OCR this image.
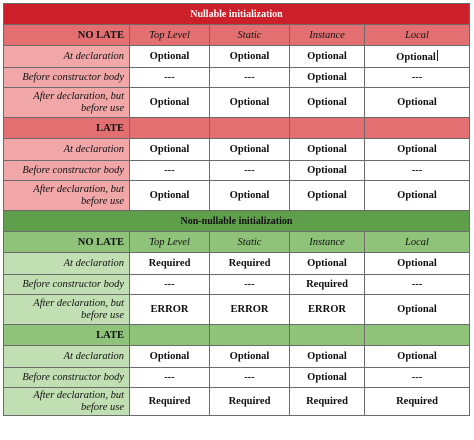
Nullable initialization				
NO LATE	Top Level	Static	Instance	Local
At declaration	Optional	Optional	Optional	Optional
Before constructor body	---	---	Optional	---
After declaration, but before use	Optional	Optional	Optional	Optional
LATE				
At declaration	Optional	Optional	Optional	Optional
Before constructor body	---	---	Optional	---
After declaration, but before use	Optional	Optional	Optional	Optional
Non-nullable initialization				
NO LATE	Top Level	Static	Instance	Local
At declaration	Required	Required	Optional	Optional
Before constructor body	---	---	Required	---
After declaration, but before use	ERROR	ERROR	ERROR	Optional
LATE				
At declaration	Optional	Optional	Optional	Optional
Before constructor body	---	---	Optional	---
After declaration, but before use	Required	Required	Required	Required
